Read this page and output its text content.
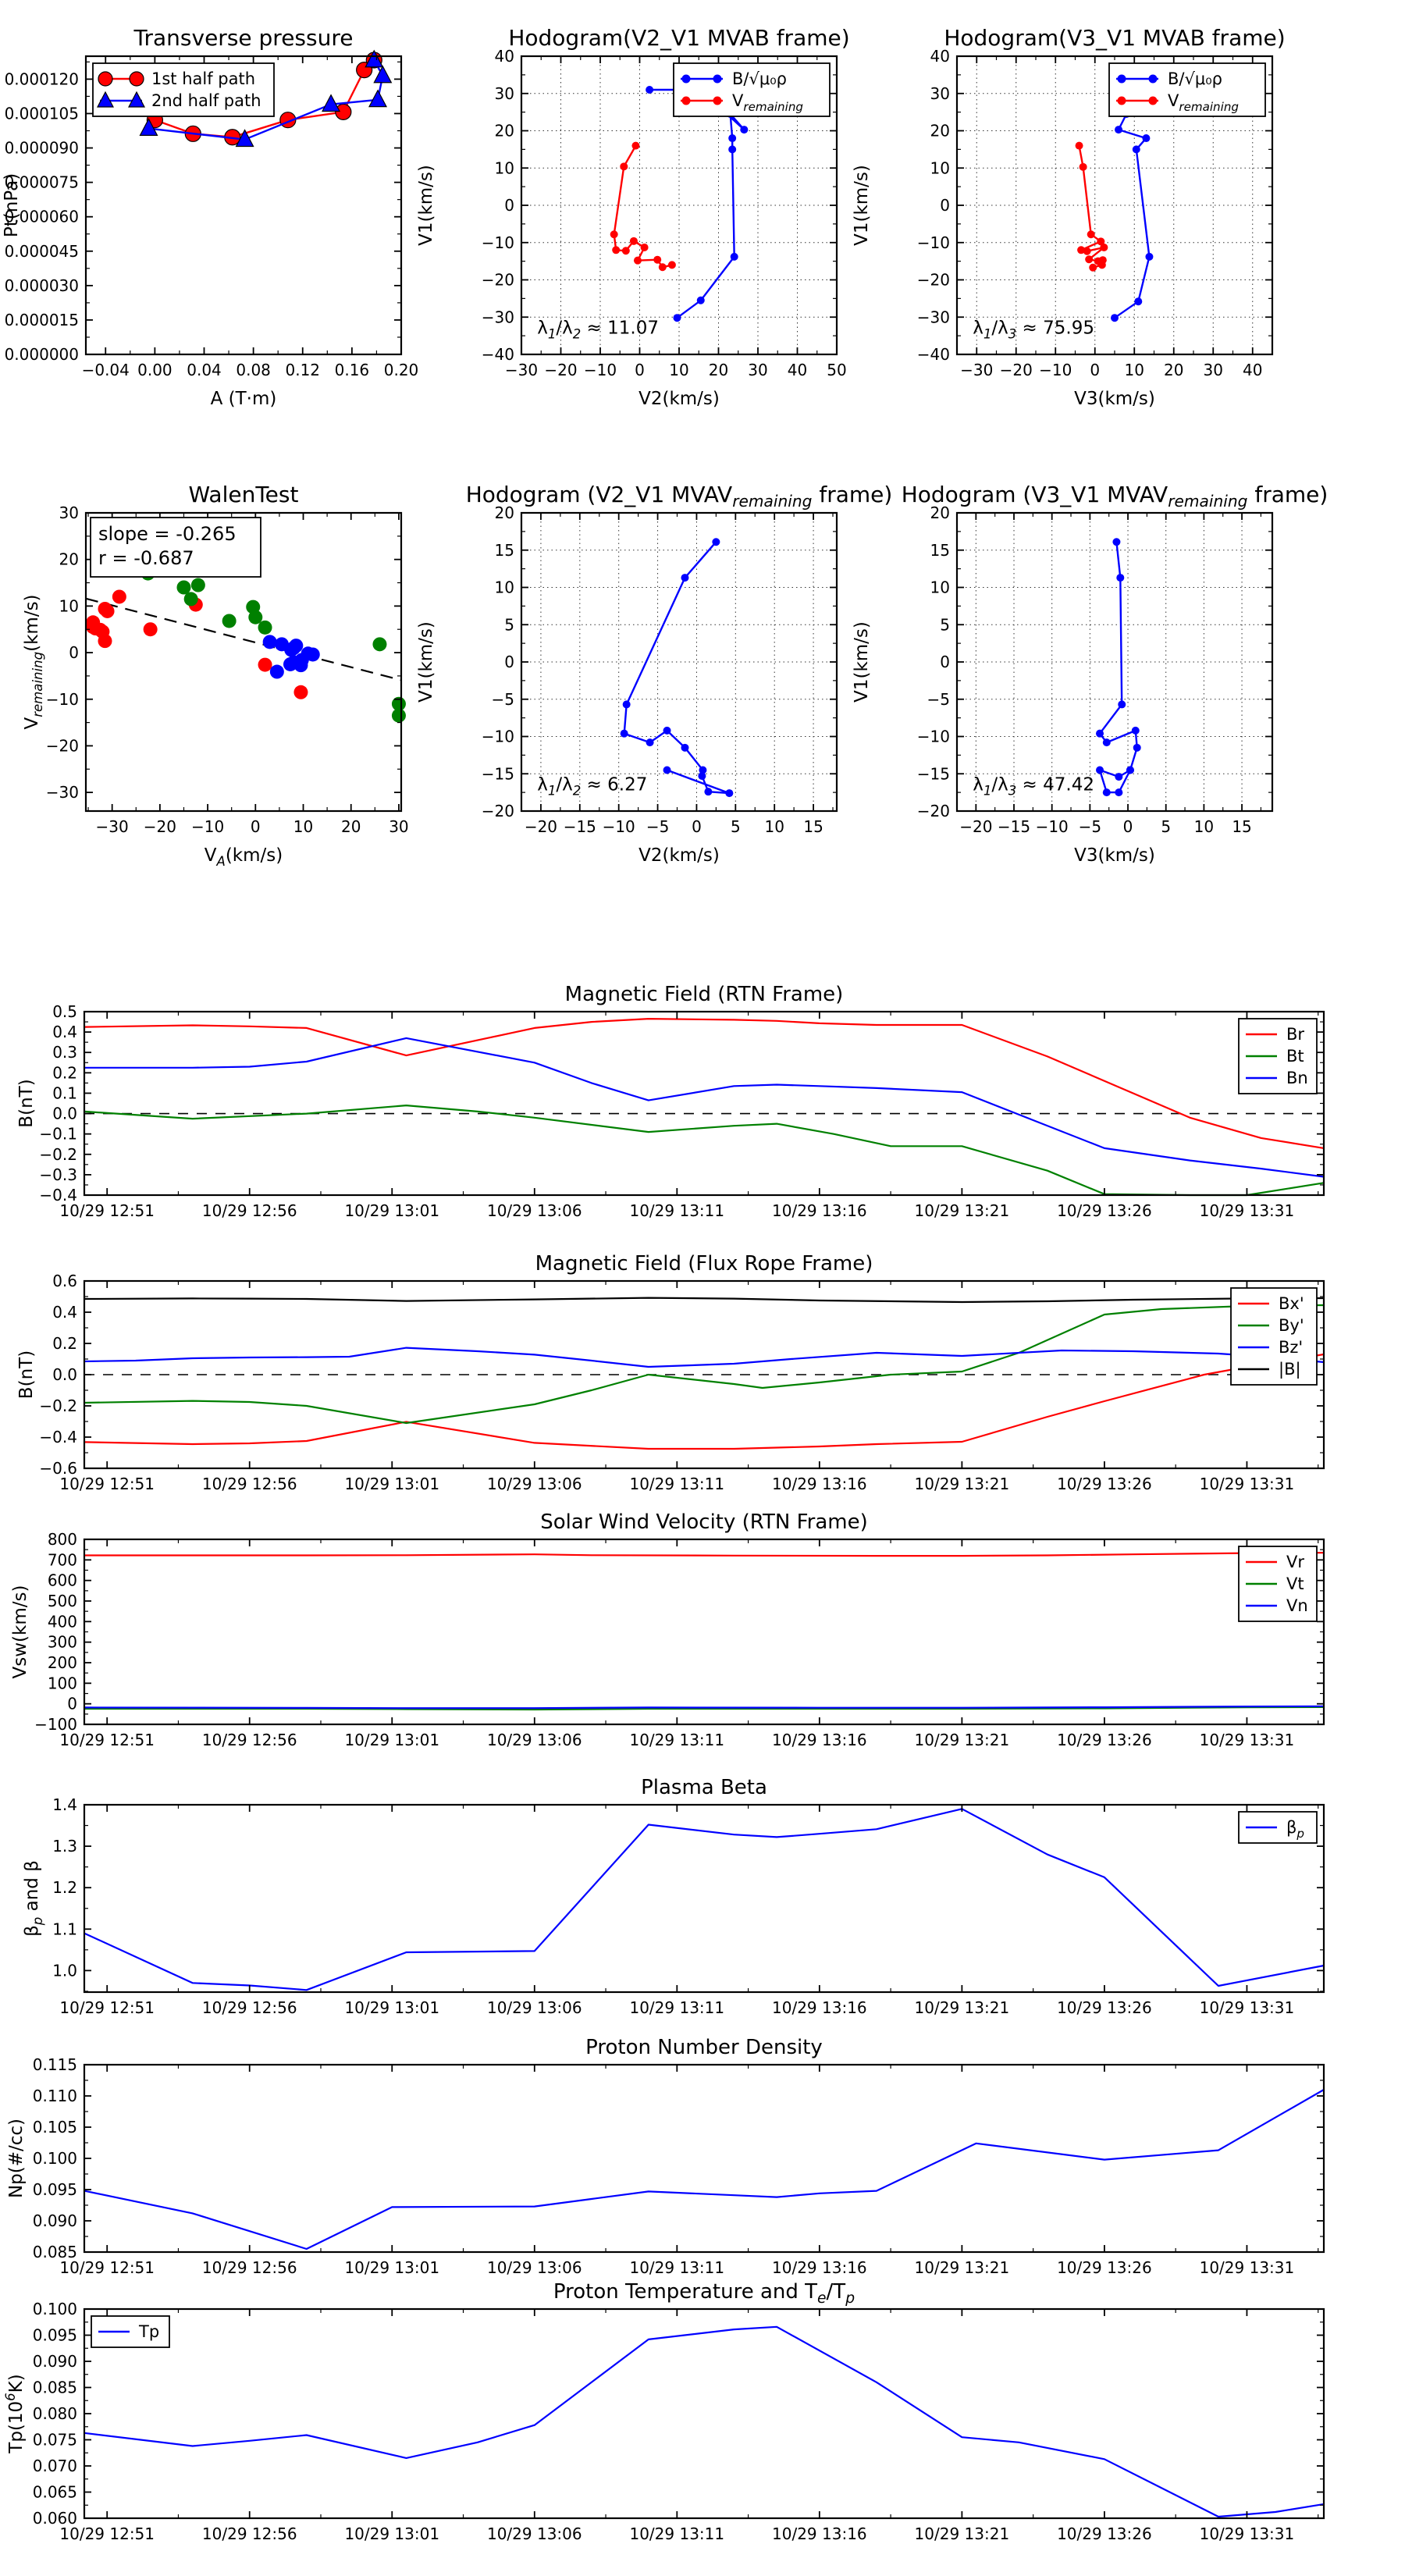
−0.04 0.00 0.04 0.08 0.12 0.16 0.20
0.000000
0.000015
0.000030
0.000045
0.000060
0.000075
0.000090
0.000105
0.000120
Transverse pressure
A (T·m)
Pt(nPa)
1st half path
2nd half path
−30 −20 −10 0 10 20 30 40 50
−40
−30
−20
−10
0
10
20
30
40
Hodogram(V2_V1 MVAB frame)
V2(km/s)
V1(km/s)
B/√μ₀ρ
$V_{remaining}$
$\lambda_1/\lambda_2 \approx 11.07$
−30 −20 −10 0 10 20 30 40
−40
−30
−20
−10
0
10
20
30
40
Hodogram(V3_V1 MVAB frame)
V3(km/s)
V1(km/s)
B/√μ₀ρ
$V_{remaining}$
$\lambda_1/\lambda_3 \approx 75.95$
−30 −20 −10 0 10 20 30
−30
−20
−10
0
10
20
30
WalenTest
$V_A(km/s)$
$V_{remaining}(km/s)$
slope = -0.265
r = -0.687
−20 −15 −10 −5 0 5 10 15
−20
−15
−10
−5
0
5
10
15
20
Hodogram (V2_V1 $MVAV_{remaining}$ frame)
V2(km/s)
V1(km/s)
$\lambda_1/\lambda_2 \approx 6.27$
−20 −15 −10 −5 0 5 10 15
−20
−15
−10
−5
0
5
10
15
20
Hodogram (V3_V1 $MVAV_{remaining}$ frame)
V3(km/s)
V1(km/s)
$\lambda_1/\lambda_3 \approx 47.42$
10/29 12:51	10/29 12:56	10/29 13:01	10/29 13:06	10/29 13:11	10/29 13:16	10/29 13:21	10/29 13:26	10/29 13:31
−0.4
−0.3
−0.2
−0.1
0.0
0.1
0.2
0.3
0.4
0.5
Magnetic Field (RTN Frame)
B(nT)
Br
Bt
Bn
10/29 12:51	10/29 12:56	10/29 13:01	10/29 13:06	10/29 13:11	10/29 13:16	10/29 13:21	10/29 13:26	10/29 13:31
−0.6
−0.4
−0.2
0.0
0.2
0.4
0.6
Magnetic Field (Flux Rope Frame)
B(nT)
Bx'
By'
Bz'
|B|
10/29 12:51	10/29 12:56	10/29 13:01	10/29 13:06	10/29 13:11	10/29 13:16	10/29 13:21	10/29 13:26	10/29 13:31
−100
0
100
200
300
400
500
600
700
800
Solar Wind Velocity (RTN Frame)
Vsw(km/s)
Vr
Vt
Vn
10/29 12:51	10/29 12:56	10/29 13:01	10/29 13:06	10/29 13:11	10/29 13:16	10/29 13:21	10/29 13:26	10/29 13:31
1.0
1.1
1.2
1.3
1.4
Plasma Beta
$\beta_p$ and β
$\beta_p$
10/29 12:51	10/29 12:56	10/29 13:01	10/29 13:06	10/29 13:11	10/29 13:16	10/29 13:21	10/29 13:26	10/29 13:31
0.085
0.090
0.095
0.100
0.105
0.110
0.115
Proton Number Density
Np(#/cc)
10/29 12:51	10/29 12:56	10/29 13:01	10/29 13:06	10/29 13:11	10/29 13:16	10/29 13:21	10/29 13:26	10/29 13:31
0.060
0.065
0.070
0.075
0.080
0.085
0.090
0.095
0.100
Proton Temperature and $T_e/T_p$
$Tp(10^6K)$
Tp
